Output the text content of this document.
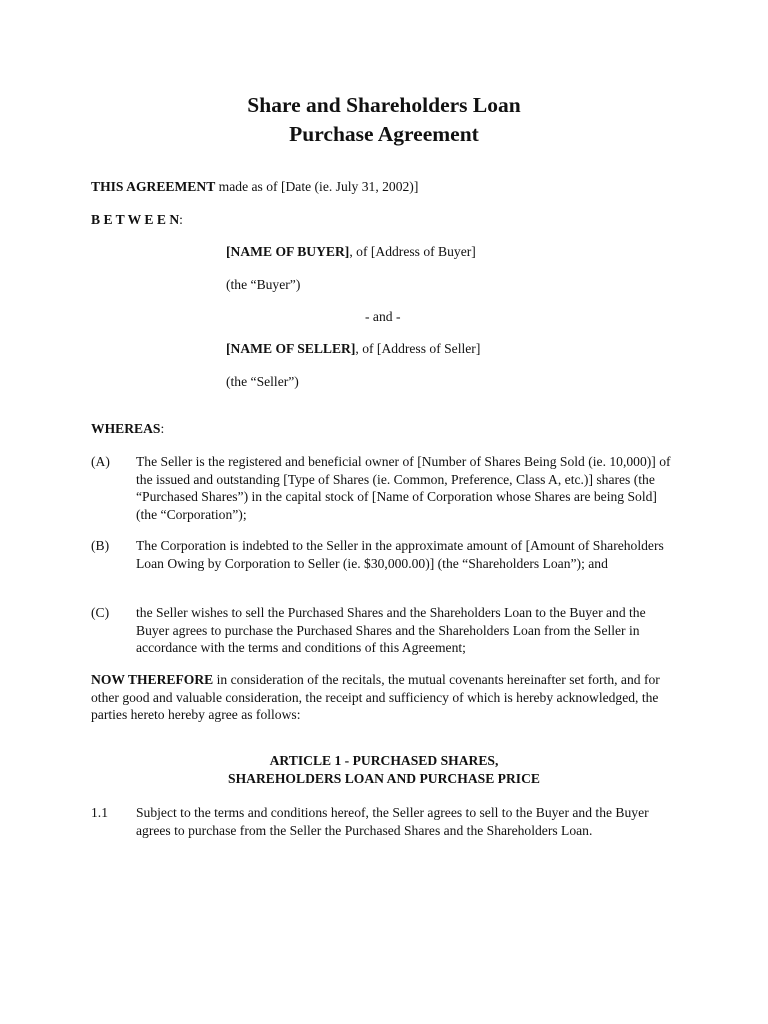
Share and Shareholders Loan
Purchase Agreement
THIS AGREEMENT made as of [Date (ie. July 31, 2002)]
B E T W E E N:
[NAME OF BUYER], of [Address of Buyer]
(the “Buyer”)
- and -
[NAME OF SELLER], of [Address of Seller]
(the “Seller”)
WHEREAS:
(A)	The Seller is the registered and beneficial owner of [Number of Shares Being Sold (ie. 10,000)] of the issued and outstanding [Type of Shares (ie. Common, Preference, Class A, etc.)] shares (the “Purchased Shares”) in the capital stock of [Name of Corporation whose Shares are being Sold] (the “Corporation”);
(B)	The Corporation is indebted to the Seller in the approximate amount of [Amount of Shareholders Loan Owing by Corporation to Seller (ie. $30,000.00)] (the “Shareholders Loan”); and
(C)	the Seller wishes to sell the Purchased Shares and the Shareholders Loan to the Buyer and the Buyer agrees to purchase the Purchased Shares and the Shareholders Loan from the Seller in accordance with the terms and conditions of this Agreement;
NOW THEREFORE in consideration of the recitals, the mutual covenants hereinafter set forth, and for other good and valuable consideration, the receipt and sufficiency of which is hereby acknowledged, the parties hereto hereby agree as follows:
ARTICLE 1 - PURCHASED SHARES,
SHAREHOLDERS LOAN AND PURCHASE PRICE
1.1	Subject to the terms and conditions hereof, the Seller agrees to sell to the Buyer and the Buyer agrees to purchase from the Seller the Purchased Shares and the Shareholders Loan.
